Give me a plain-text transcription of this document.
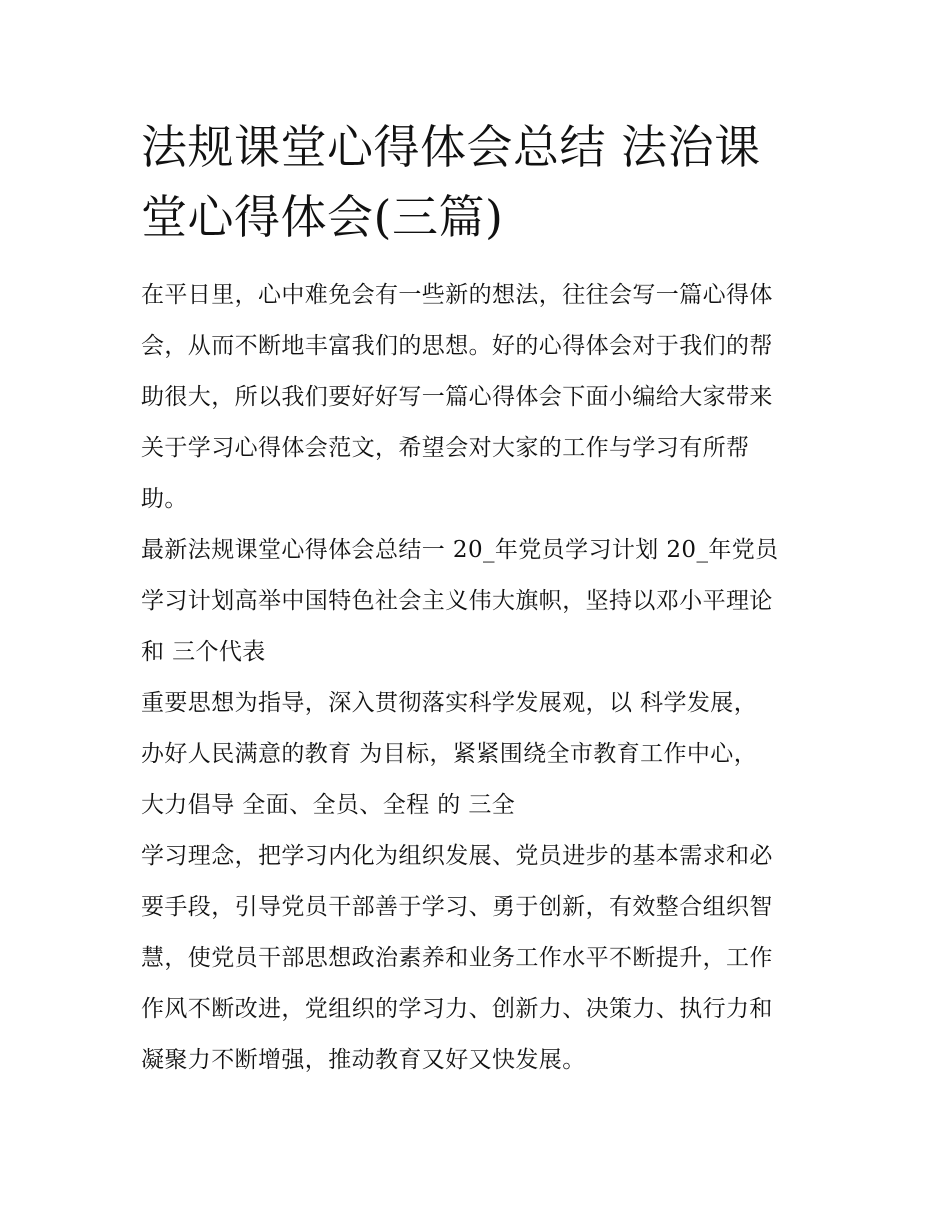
法规课堂心得体会总结 法治课
堂心得体会(三篇)
在平日里，心中难免会有一些新的想法，往往会写一篇心得体
会，从而不断地丰富我们的思想。好的心得体会对于我们的帮
助很大，所以我们要好好写一篇心得体会下面小编给大家带来
关于学习心得体会范文，希望会对大家的工作与学习有所帮
助。
最新法规课堂心得体会总结一 20_年党员学习计划 20_年党员
学习计划高举中国特色社会主义伟大旗帜，坚持以邓小平理论
和 三个代表
重要思想为指导，深入贯彻落实科学发展观，以 科学发展，
办好人民满意的教育 为目标，紧紧围绕全市教育工作中心，
大力倡导 全面、全员、全程 的 三全
学习理念，把学习内化为组织发展、党员进步的基本需求和必
要手段，引导党员干部善于学习、勇于创新，有效整合组织智
慧，使党员干部思想政治素养和业务工作水平不断提升，工作
作风不断改进，党组织的学习力、创新力、决策力、执行力和
凝聚力不断增强，推动教育又好又快发展。
